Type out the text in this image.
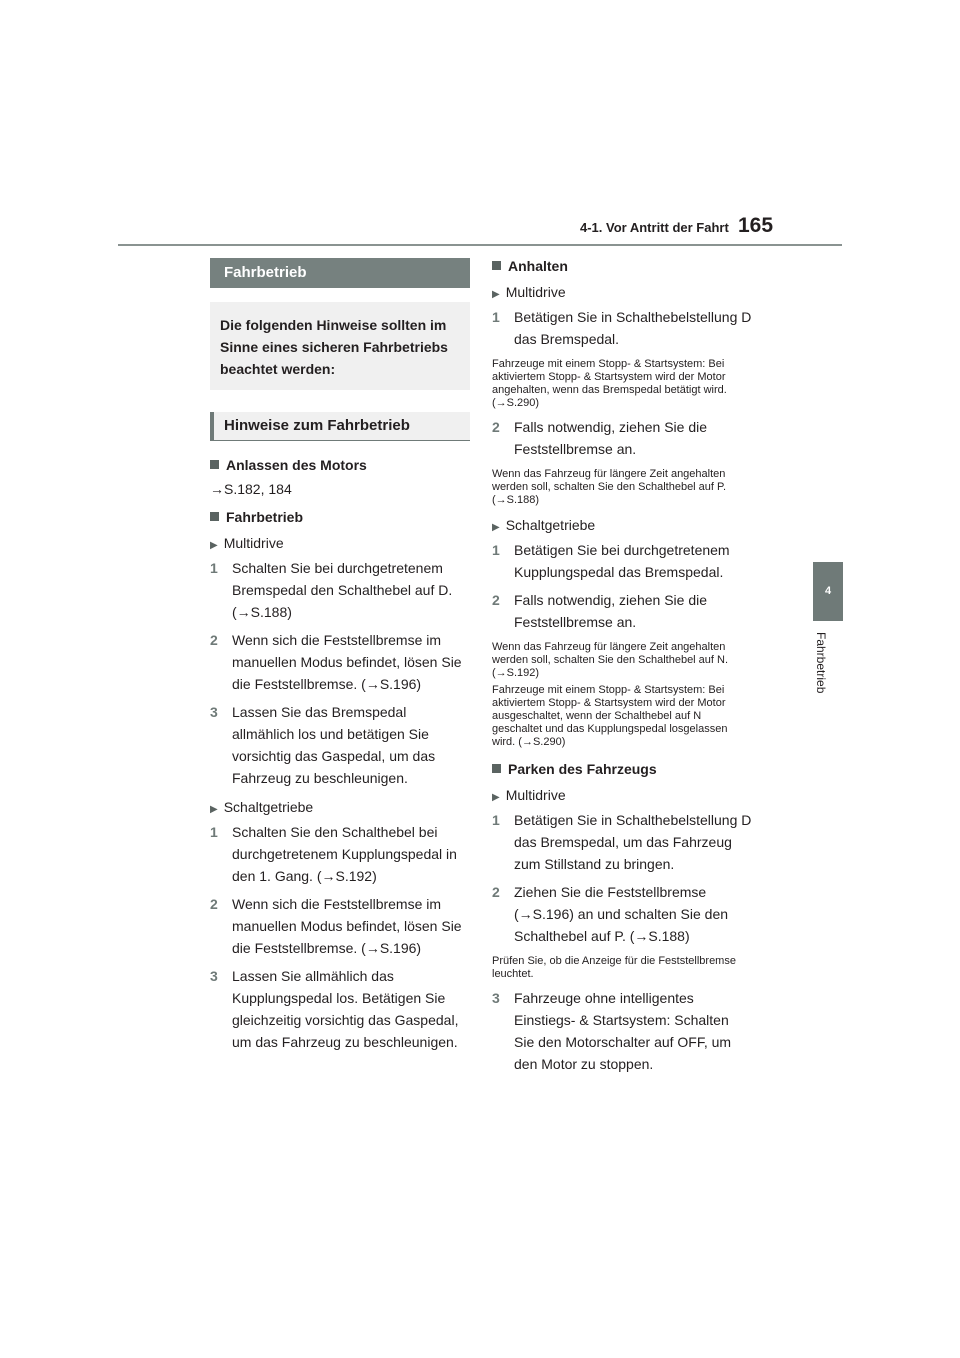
4-1. Vor Antritt der Fahrt 165
4
Fahrbetrieb
Fahrbetrieb
Die folgenden Hinweise sollten im Sinne eines sicheren Fahrbetriebs beachtet werden:
Hinweise zum Fahrbetrieb
Anlassen des Motors
→S.182, 184
Fahrbetrieb
▶ Multidrive
1	Schalten Sie bei durchgetretenem Bremspedal den Schalthebel auf D. (→S.188)
2	Wenn sich die Feststellbremse im manuellen Modus befindet, lösen Sie die Feststellbremse. (→S.196)
3	Lassen Sie das Bremspedal allmählich los und betätigen Sie vorsichtig das Gaspedal, um das Fahrzeug zu beschleunigen.
▶ Schaltgetriebe
1	Schalten Sie den Schalthebel bei durchgetretenem Kupplungspedal in den 1. Gang. (→S.192)
2	Wenn sich die Feststellbremse im manuellen Modus befindet, lösen Sie die Feststellbremse. (→S.196)
3	Lassen Sie allmählich das Kupplungspedal los. Betätigen Sie gleichzeitig vorsichtig das Gaspedal, um das Fahrzeug zu beschleunigen.
Anhalten
▶ Multidrive
1	Betätigen Sie in Schalthebelstellung D das Bremspedal.
Fahrzeuge mit einem Stopp- & Startsystem: Bei aktiviertem Stopp- & Startsystem wird der Motor angehalten, wenn das Bremspedal betätigt wird. (→S.290)
2	Falls notwendig, ziehen Sie die Feststellbremse an.
Wenn das Fahrzeug für längere Zeit angehalten werden soll, schalten Sie den Schalthebel auf P. (→S.188)
▶ Schaltgetriebe
1	Betätigen Sie bei durchgetretenem Kupplungspedal das Bremspedal.
2	Falls notwendig, ziehen Sie die Feststellbremse an.
Wenn das Fahrzeug für längere Zeit angehalten werden soll, schalten Sie den Schalthebel auf N. (→S.192)
Fahrzeuge mit einem Stopp- & Startsystem: Bei aktiviertem Stopp- & Startsystem wird der Motor ausgeschaltet, wenn der Schalthebel auf N geschaltet und das Kupplungspedal losgelassen wird. (→S.290)
Parken des Fahrzeugs
▶ Multidrive
1	Betätigen Sie in Schalthebelstellung D das Bremspedal, um das Fahrzeug zum Stillstand zu bringen.
2	Ziehen Sie die Feststellbremse (→S.196) an und schalten Sie den Schalthebel auf P. (→S.188)
Prüfen Sie, ob die Anzeige für die Feststellbremse leuchtet.
3	Fahrzeuge ohne intelligentes Einstiegs- & Startsystem: Schalten Sie den Motorschalter auf OFF, um den Motor zu stoppen.
